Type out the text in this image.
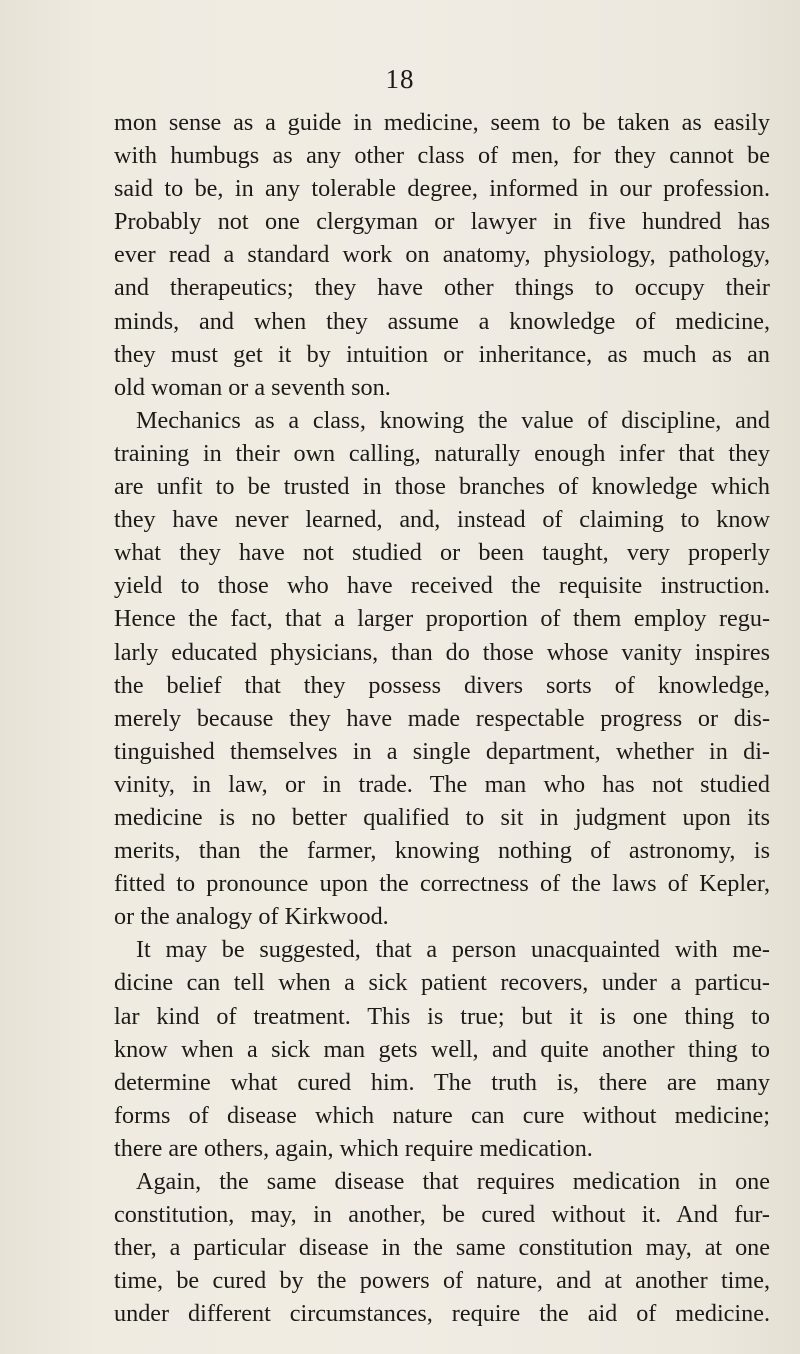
18
mon sense as a guide in medicine, seem to be taken as easily
with humbugs as any other class of men, for they cannot be
said to be, in any tolerable degree, informed in our profession.
Probably not one clergyman or lawyer in five hundred has
ever read a standard work on anatomy, physiology, pathology,
and therapeutics; they have other things to occupy their
minds, and when they assume a knowledge of medicine,
they must get it by intuition or inheritance, as much as an
old woman or a seventh son.
Mechanics as a class, knowing the value of discipline, and
training in their own calling, naturally enough infer that they
are unfit to be trusted in those branches of knowledge which
they have never learned, and, instead of claiming to know
what they have not studied or been taught, very properly
yield to those who have received the requisite instruction.
Hence the fact, that a larger proportion of them employ regu-
larly educated physicians, than do those whose vanity inspires
the belief that they possess divers sorts of knowledge,
merely because they have made respectable progress or dis-
tinguished themselves in a single department, whether in di-
vinity, in law, or in trade. The man who has not studied
medicine is no better qualified to sit in judgment upon its
merits, than the farmer, knowing nothing of astronomy, is
fitted to pronounce upon the correctness of the laws of Kepler,
or the analogy of Kirkwood.
It may be suggested, that a person unacquainted with me-
dicine can tell when a sick patient recovers, under a particu-
lar kind of treatment. This is true; but it is one thing to
know when a sick man gets well, and quite another thing to
determine what cured him. The truth is, there are many
forms of disease which nature can cure without medicine;
there are others, again, which require medication.
Again, the same disease that requires medication in one
constitution, may, in another, be cured without it. And fur-
ther, a particular disease in the same constitution may, at one
time, be cured by the powers of nature, and at another time,
under different circumstances, require the aid of medicine.
